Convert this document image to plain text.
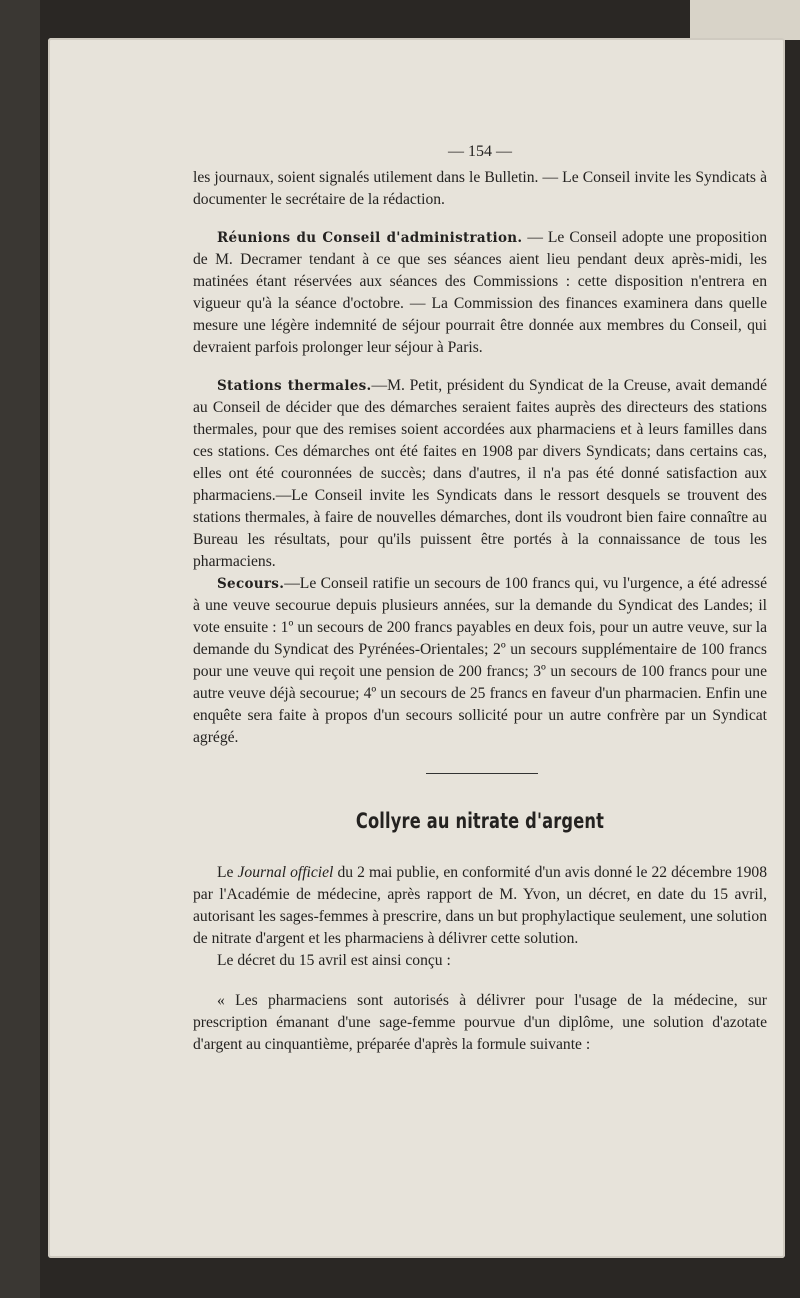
— 154 —

les journaux, soient signalés utilement dans le Bulletin. — Le Conseil invite les Syndicats à documenter le secrétaire de la rédaction.

Réunions du Conseil d'administration. — Le Conseil adopte une proposition de M. Decramer tendant à ce que ses séances aient lieu pendant deux après-midi, les matinées étant réservées aux séances des Commissions : cette disposition n'entrera en vigueur qu'à la séance d'octobre. — La Commission des finances examinera dans quelle mesure une légère indemnité de séjour pourrait être donnée aux membres du Conseil, qui devraient parfois prolonger leur séjour à Paris.

Stations thermales.—M. Petit, président du Syndicat de la Creuse, avait demandé au Conseil de décider que des démarches seraient faites auprès des directeurs des stations thermales, pour que des remises soient accordées aux pharmaciens et à leurs familles dans ces stations. Ces démarches ont été faites en 1908 par divers Syndicats; dans certains cas, elles ont été couronnées de succès; dans d'autres, il n'a pas été donné satisfaction aux pharmaciens.—Le Conseil invite les Syndicats dans le ressort desquels se trouvent des stations thermales, à faire de nouvelles démarches, dont ils voudront bien faire connaître au Bureau les résultats, pour qu'ils puissent être portés à la connaissance de tous les pharmaciens.

Secours.—Le Conseil ratifie un secours de 100 francs qui, vu l'urgence, a été adressé à une veuve secourue depuis plusieurs années, sur la demande du Syndicat des Landes; il vote ensuite : 1º un secours de 200 francs payables en deux fois, pour un autre veuve, sur la demande du Syndicat des Pyrénées-Orientales; 2º un secours supplémentaire de 100 francs pour une veuve qui reçoit une pension de 200 francs; 3º un secours de 100 francs pour une autre veuve déjà secourue; 4º un secours de 25 francs en faveur d'un pharmacien. Enfin une enquête sera faite à propos d'un secours sollicité pour un autre confrère par un Syndicat agrégé.

Collyre au nitrate d'argent

Le Journal officiel du 2 mai publie, en conformité d'un avis donné le 22 décembre 1908 par l'Académie de médecine, après rapport de M. Yvon, un décret, en date du 15 avril, autorisant les sages-femmes à prescrire, dans un but prophylactique seulement, une solution de nitrate d'argent et les pharmaciens à délivrer cette solution.

Le décret du 15 avril est ainsi conçu :

« Les pharmaciens sont autorisés à délivrer pour l'usage de la médecine, sur prescription émanant d'une sage-femme pourvue d'un diplôme, une solution d'azotate d'argent au cinquantième, préparée d'après la formule suivante :
